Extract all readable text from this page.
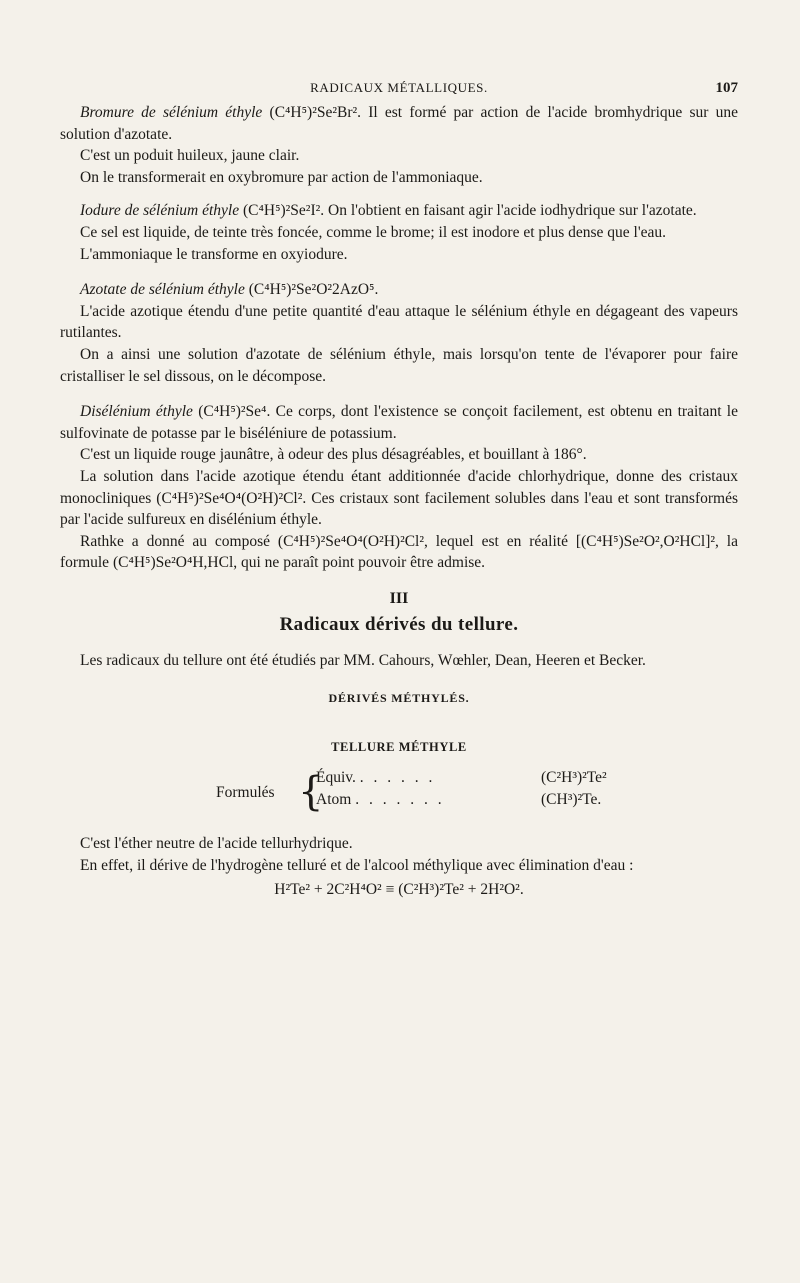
RADICAUX MÉTALLIQUES.	107

Bromure de sélénium éthyle (C⁴H⁵)²Se²Br². Il est formé par action de l'acide bromhydrique sur une solution d'azotate.

C'est un poduit huileux, jaune clair.

On le transformerait en oxybromure par action de l'ammoniaque.

Iodure de sélénium éthyle (C⁴H⁵)²Se²I². On l'obtient en faisant agir l'acide iodhydrique sur l'azotate.

Ce sel est liquide, de teinte très foncée, comme le brome; il est inodore et plus dense que l'eau.

L'ammoniaque le transforme en oxyiodure.

Azotate de sélénium éthyle (C⁴H⁵)²Se²O²2AzO⁵.

L'acide azotique étendu d'une petite quantité d'eau attaque le sélénium éthyle en dégageant des vapeurs rutilantes.

On a ainsi une solution d'azotate de sélénium éthyle, mais lorsqu'on tente de l'évaporer pour faire cristalliser le sel dissous, on le décompose.

Disélénium éthyle (C⁴H⁵)²Se⁴. Ce corps, dont l'existence se conçoit facilement, est obtenu en traitant le sulfovinate de potasse par le biséléniure de potassium.

C'est un liquide rouge jaunâtre, à odeur des plus désagréables, et bouillant à 186°.

La solution dans l'acide azotique étendu étant additionnée d'acide chlorhydrique, donne des cristaux monocliniques (C⁴H⁵)²Se⁴O⁴(O²H)²Cl². Ces cristaux sont facilement solubles dans l'eau et sont transformés par l'acide sulfureux en disélénium éthyle.

Rathke a donné au composé (C⁴H⁵)²Se⁴O⁴(O²H)²Cl², lequel est en réalité [(C⁴H⁵)Se²O²,O²HCl]², la formule (C⁴H⁵)Se²O⁴H,HCl, qui ne paraît point pouvoir être admise.

III
Radicaux dérivés du tellure.

Les radicaux du tellure ont été étudiés par MM. Cahours, Wœhler, Dean, Heeren et Becker.

DÉRIVÉS MÉTHYLÉS.
TELLURE MÉTHYLE
Formulés {
Équiv. . . . . . .	(C²H³)²Te²
Atom . . . . . . .	(CH³)²Te.

C'est l'éther neutre de l'acide tellurhydrique.

En effet, il dérive de l'hydrogène telluré et de l'alcool méthylique avec élimination d'eau :

H²Te² + 2C²H⁴O² ≡ (C²H³)²Te² + 2H²O².
